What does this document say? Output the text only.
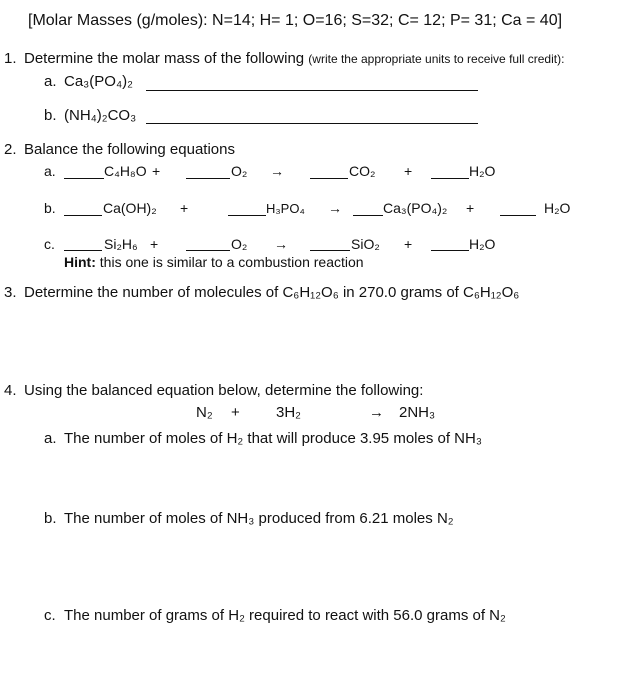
[Molar Masses (g/moles): N=14; H= 1; O=16; S=32; C= 12; P= 31; Ca = 40]
1. Determine the molar mass of the following (write the appropriate units to receive full credit):
a. Ca₃(PO₄)₂
b. (NH₄)₂CO₃
2. Balance the following equations
a.	C₄H₈O +	O₂ →	CO₂ +	H₂O
b.	Ca(OH)₂ +	H₃PO₄ →	Ca₃(PO₄)₂ +	H₂O
c.	Si₂H₆ +	O₂ →	SiO₂ +	H₂O
Hint: this one is similar to a combustion reaction
3. Determine the number of molecules of C₆H₁₂O₆ in 270.0 grams of C₆H₁₂O₆
4. Using the balanced equation below, determine the following:
N₂ + 3H₂	→ 2NH₃
a. The number of moles of H₂ that will produce 3.95 moles of NH₃
b. The number of moles of NH₃ produced from 6.21 moles N₂
c. The number of grams of H₂ required to react with 56.0 grams of N₂
